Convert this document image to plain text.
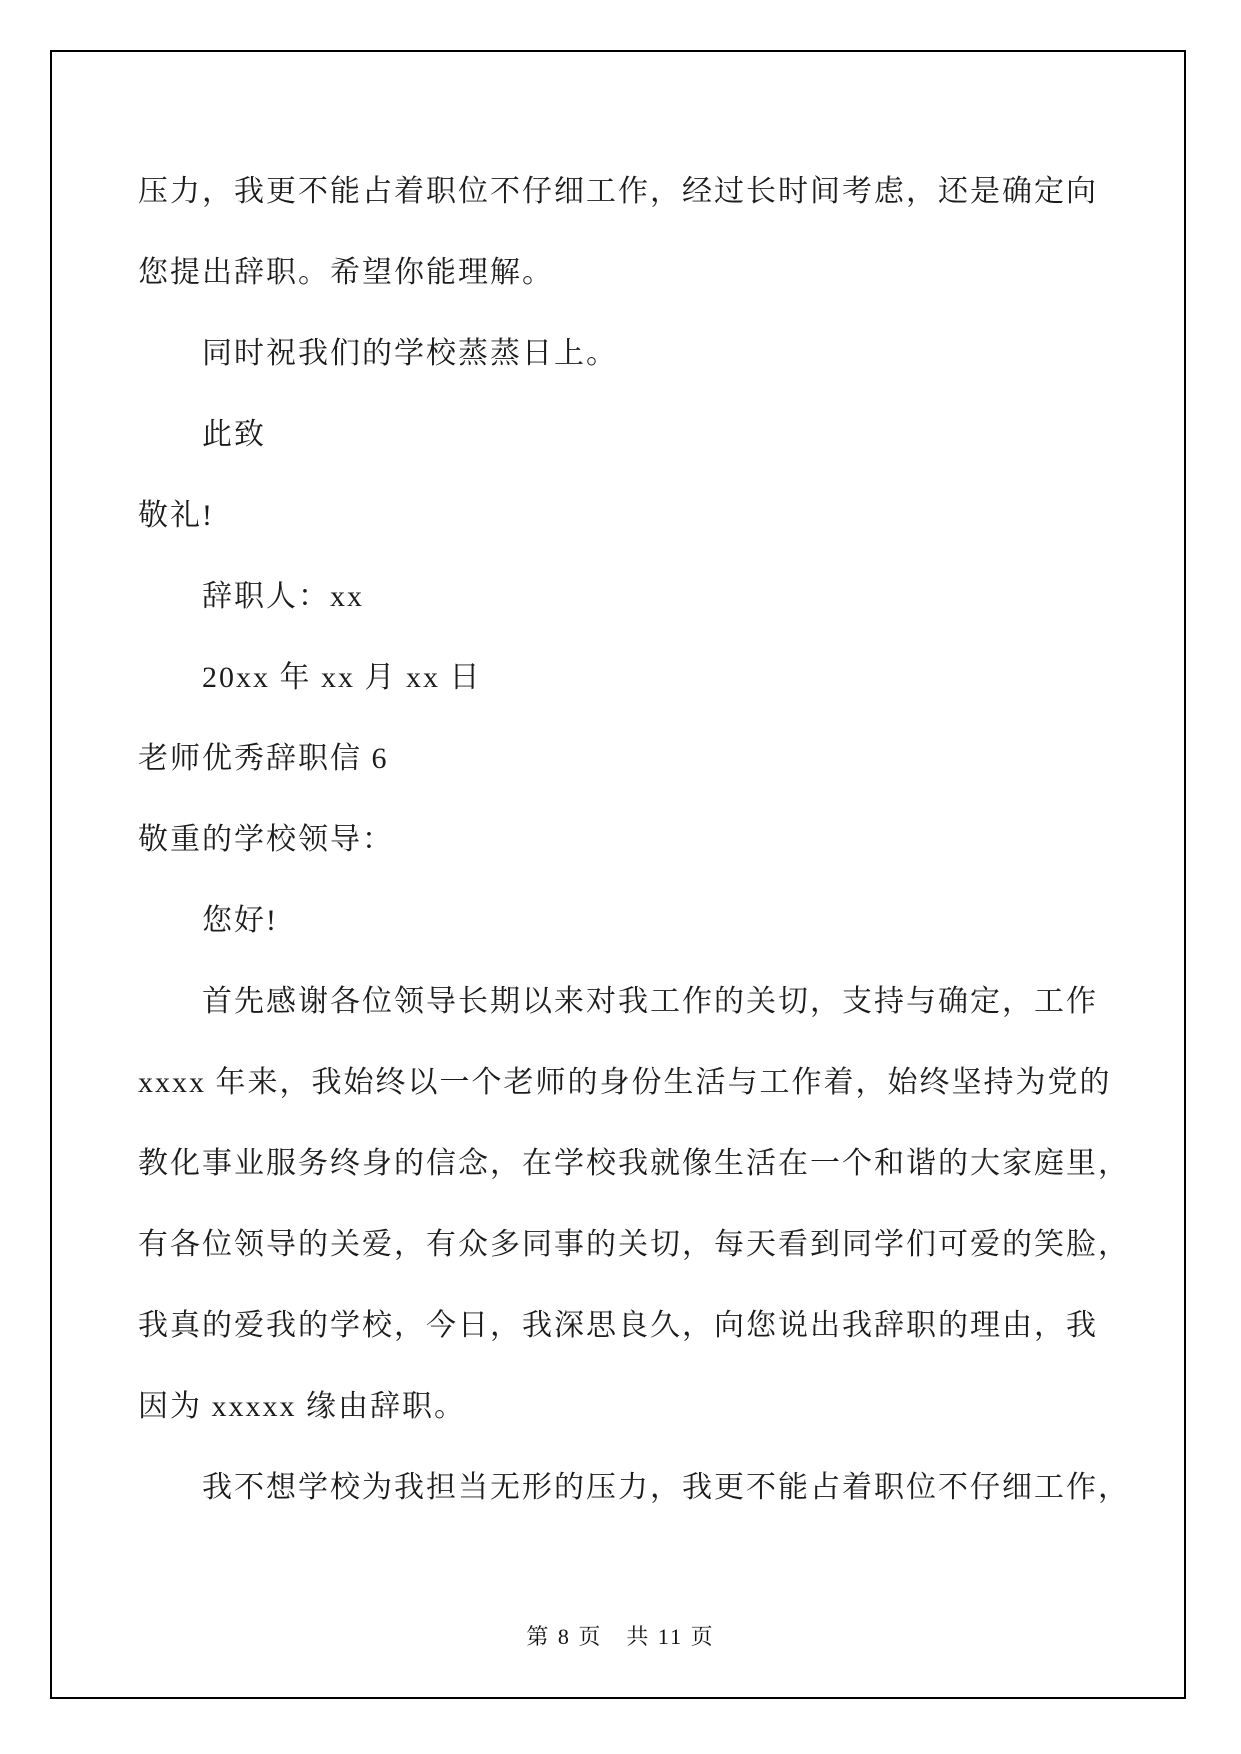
压力，我更不能占着职位不仔细工作，经过长时间考虑，还是确定向
您提出辞职。希望你能理解。
同时祝我们的学校蒸蒸日上。
此致
敬礼!
辞职人：xx
20xx 年 xx 月 xx 日
老师优秀辞职信 6
敬重的学校领导：
您好!
首先感谢各位领导长期以来对我工作的关切，支持与确定，工作
xxxx 年来，我始终以一个老师的身份生活与工作着，始终坚持为党的
教化事业服务终身的信念，在学校我就像生活在一个和谐的大家庭里，
有各位领导的关爱，有众多同事的关切，每天看到同学们可爱的笑脸，
我真的爱我的学校，今日，我深思良久，向您说出我辞职的理由，我
因为 xxxxx 缘由辞职。
我不想学校为我担当无形的压力，我更不能占着职位不仔细工作，
第 8 页　共 11 页
